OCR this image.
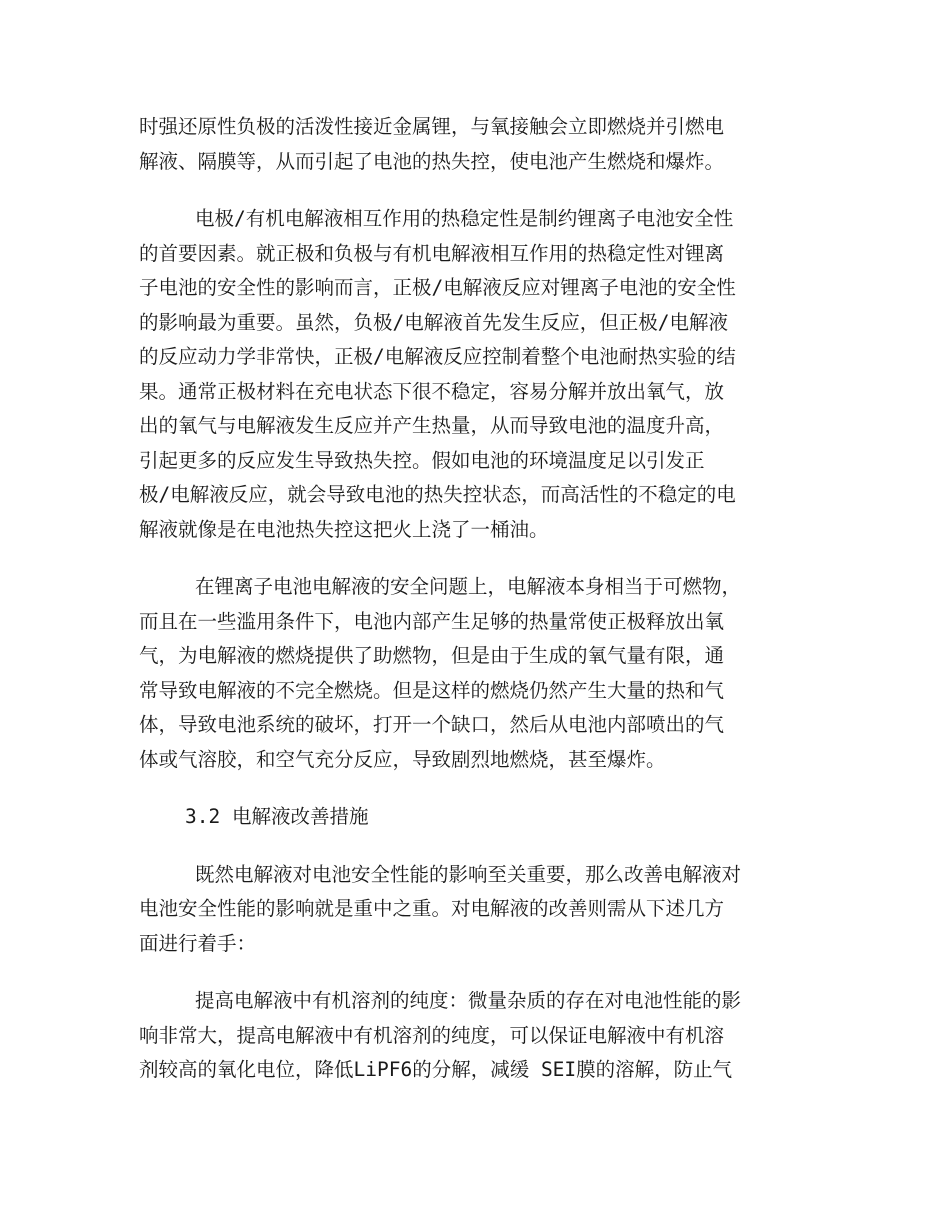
时强还原性负极的活泼性接近金属锂，与氧接触会立即燃烧并引燃电
解液、隔膜等，从而引起了电池的热失控，使电池产生燃烧和爆炸。
电极/有机电解液相互作用的热稳定性是制约锂离子电池安全性
的首要因素。就正极和负极与有机电解液相互作用的热稳定性对锂离
子电池的安全性的影响而言，正极/电解液反应对锂离子电池的安全性
的影响最为重要。虽然，负极/电解液首先发生反应，但正极/电解液
的反应动力学非常快，正极/电解液反应控制着整个电池耐热实验的结
果。通常正极材料在充电状态下很不稳定，容易分解并放出氧气，放
出的氧气与电解液发生反应并产生热量，从而导致电池的温度升高，
引起更多的反应发生导致热失控。假如电池的环境温度足以引发正
极/电解液反应，就会导致电池的热失控状态，而高活性的不稳定的电
解液就像是在电池热失控这把火上浇了一桶油。
在锂离子电池电解液的安全问题上，电解液本身相当于可燃物，
而且在一些滥用条件下，电池内部产生足够的热量常使正极释放出氧
气，为电解液的燃烧提供了助燃物，但是由于生成的氧气量有限，通
常导致电解液的不完全燃烧。但是这样的燃烧仍然产生大量的热和气
体，导致电池系统的破坏，打开一个缺口，然后从电池内部喷出的气
体或气溶胶，和空气充分反应，导致剧烈地燃烧，甚至爆炸。
3.2 电解液改善措施
既然电解液对电池安全性能的影响至关重要，那么改善电解液对
电池安全性能的影响就是重中之重。对电解液的改善则需从下述几方
面进行着手：
提高电解液中有机溶剂的纯度：微量杂质的存在对电池性能的影
响非常大，提高电解液中有机溶剂的纯度，可以保证电解液中有机溶
剂较高的氧化电位，降低LiPF6的分解，减缓 SEI膜的溶解，防止气
